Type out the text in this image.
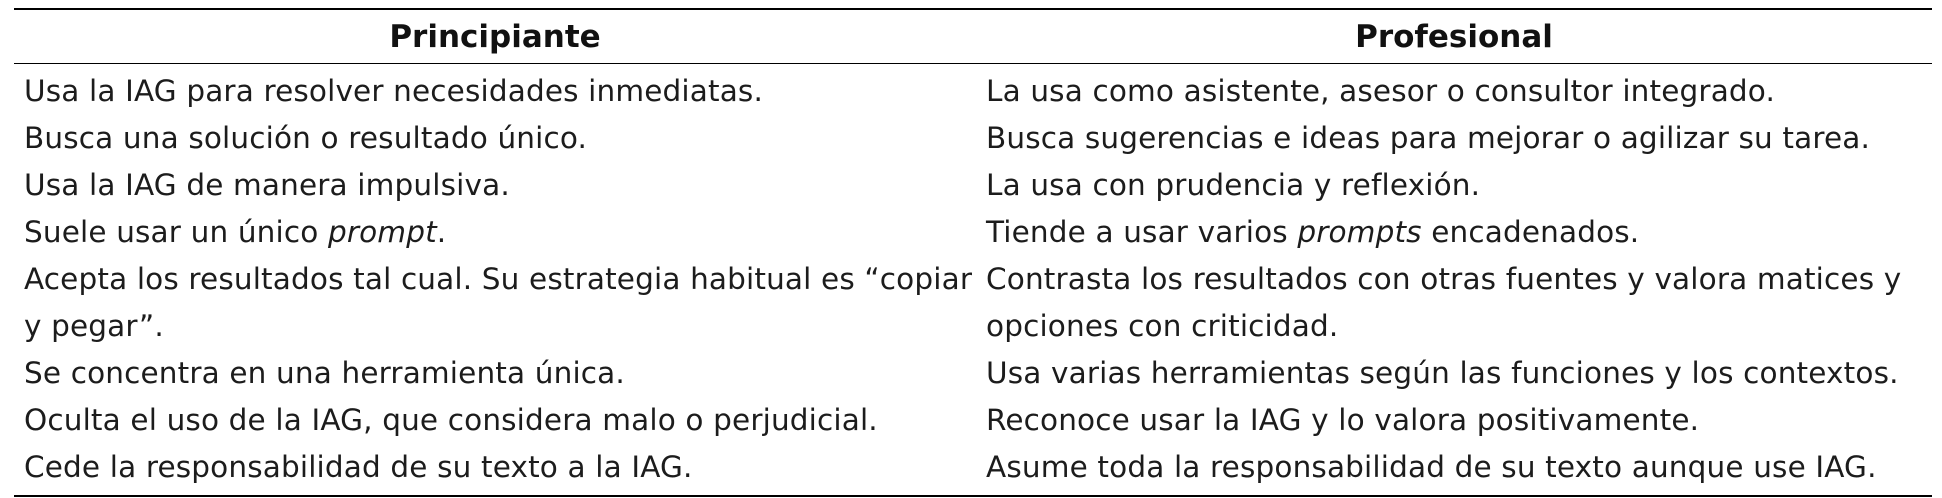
Principiante	Profesional
Usa la IAG para resolver necesidades inmediatas.	La usa como asistente, asesor o consultor integrado.
Busca una solución o resultado único.	Busca sugerencias e ideas para mejorar o agilizar su tarea.
Usa la IAG de manera impulsiva.	La usa con prudencia y reflexión.
Suele usar un único prompt.	Tiende a usar varios prompts encadenados.
Acepta los resultados tal cual. Su estrategia habitual es “copiar y pegar”.	Contrasta los resultados con otras fuentes y valora matices y opciones con criticidad.
Se concentra en una herramienta única.	Usa varias herramientas según las funciones y los contextos.
Oculta el uso de la IAG, que considera malo o perjudicial.	Reconoce usar la IAG y lo valora positivamente.
Cede la responsabilidad de su texto a la IAG.	Asume toda la responsabilidad de su texto aunque use IAG.
